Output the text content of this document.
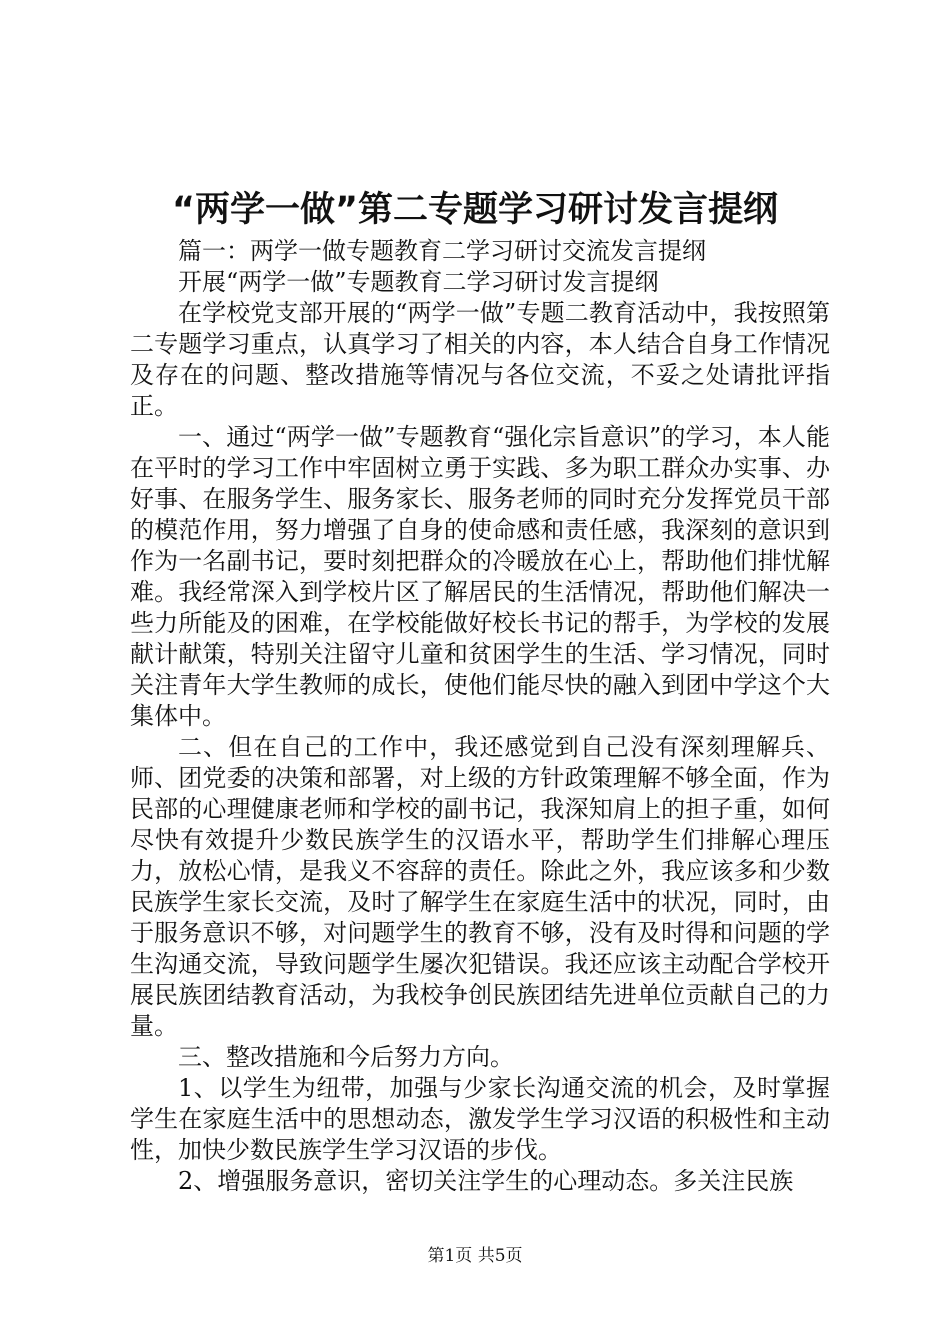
“两学一做”第二专题学习研讨发言提纲

篇一：两学一做专题教育二学习研讨交流发言提纲

开展“两学一做”专题教育二学习研讨发言提纲

在学校党支部开展的“两学一做”专题二教育活动中，我按照第二专题学习重点，认真学习了相关的内容，本人结合自身工作情况及存在的问题、整改措施等情况与各位交流，不妥之处请批评指正。

一、通过“两学一做”专题教育“强化宗旨意识”的学习，本人能在平时的学习工作中牢固树立勇于实践、多为职工群众办实事、办好事、在服务学生、服务家长、服务老师的同时充分发挥党员干部的模范作用，努力增强了自身的使命感和责任感，我深刻的意识到作为一名副书记，要时刻把群众的冷暖放在心上，帮助他们排忧解难。我经常深入到学校片区了解居民的生活情况，帮助他们解决一些力所能及的困难，在学校能做好校长书记的帮手，为学校的发展献计献策，特别关注留守儿童和贫困学生的生活、学习情况，同时关注青年大学生教师的成长，使他们能尽快的融入到团中学这个大集体中。

二、但在自己的工作中，我还感觉到自己没有深刻理解兵、师、团党委的决策和部署，对上级的方针政策理解不够全面，作为民部的心理健康老师和学校的副书记，我深知肩上的担子重，如何尽快有效提升少数民族学生的汉语水平，帮助学生们排解心理压力，放松心情，是我义不容辞的责任。除此之外，我应该多和少数民族学生家长交流，及时了解学生在家庭生活中的状况，同时，由于服务意识不够，对问题学生的教育不够，没有及时得和问题的学生沟通交流，导致问题学生屡次犯错误。我还应该主动配合学校开展民族团结教育活动，为我校争创民族团结先进单位贡献自己的力量。

三、整改措施和今后努力方向。

1、以学生为纽带，加强与少家长沟通交流的机会，及时掌握学生在家庭生活中的思想动态，激发学生学习汉语的积极性和主动性，加快少数民族学生学习汉语的步伐。

2、增强服务意识，密切关注学生的心理动态。多关注民族

第1页 共5页
